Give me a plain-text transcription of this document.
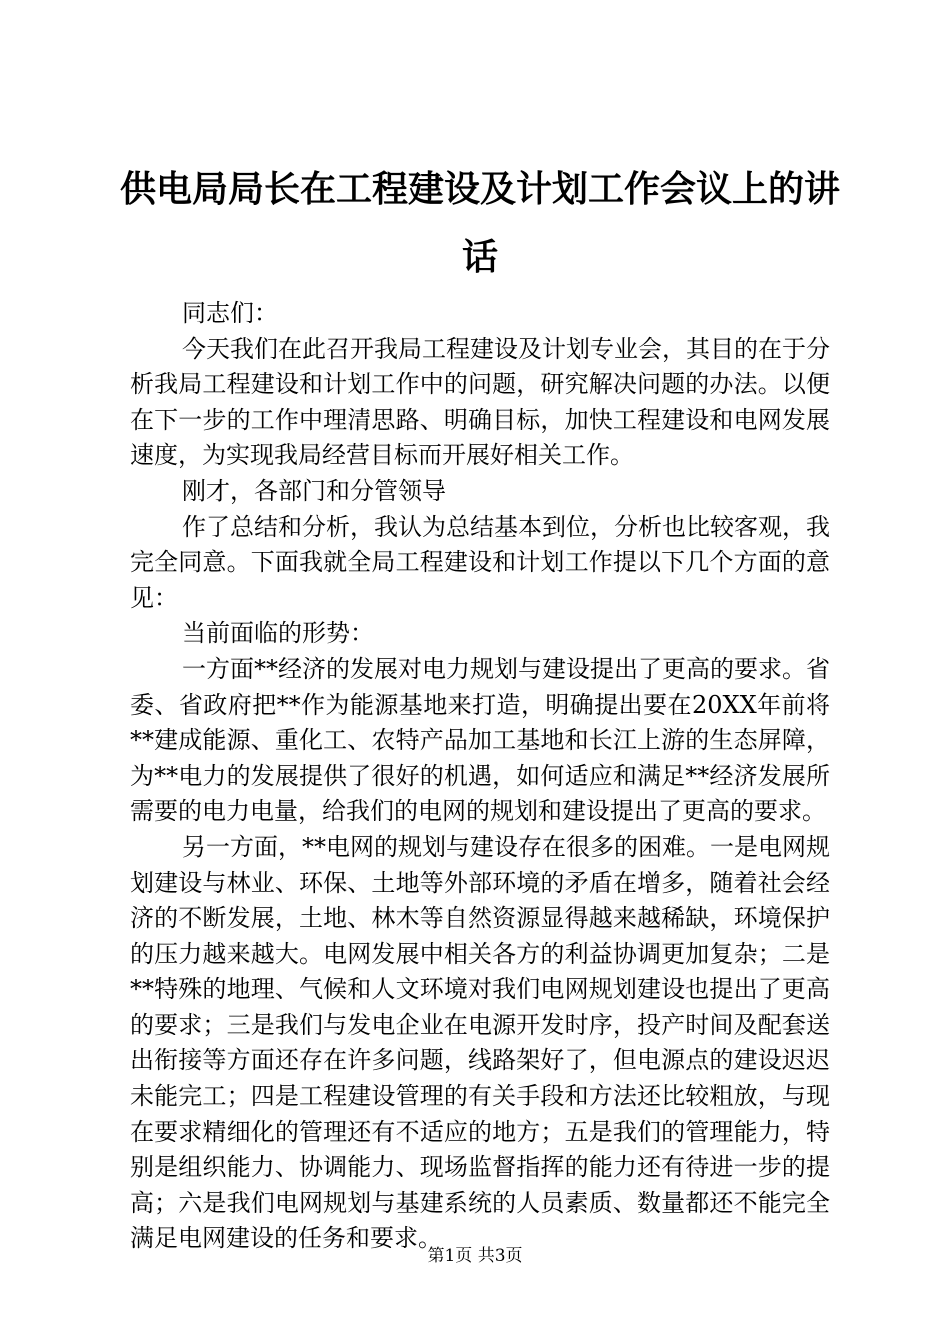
供电局局长在工程建设及计划工作会议上的讲话

同志们：

今天我们在此召开我局工程建设及计划专业会，其目的在于分析我局工程建设和计划工作中的问题，研究解决问题的办法。以便在下一步的工作中理清思路、明确目标，加快工程建设和电网发展速度，为实现我局经营目标而开展好相关工作。

刚才，各部门和分管领导

作了总结和分析，我认为总结基本到位，分析也比较客观，我完全同意。下面我就全局工程建设和计划工作提以下几个方面的意见：

当前面临的形势：

一方面**经济的发展对电力规划与建设提出了更高的要求。省委、省政府把**作为能源基地来打造，明确提出要在20XX年前将**建成能源、重化工、农特产品加工基地和长江上游的生态屏障，为**电力的发展提供了很好的机遇，如何适应和满足**经济发展所需要的电力电量，给我们的电网的规划和建设提出了更高的要求。

另一方面，**电网的规划与建设存在很多的困难。一是电网规划建设与林业、环保、土地等外部环境的矛盾在增多，随着社会经济的不断发展，土地、林木等自然资源显得越来越稀缺，环境保护的压力越来越大。电网发展中相关各方的利益协调更加复杂；二是**特殊的地理、气候和人文环境对我们电网规划建设也提出了更高的要求；三是我们与发电企业在电源开发时序，投产时间及配套送出衔接等方面还存在许多问题，线路架好了，但电源点的建设迟迟未能完工；四是工程建设管理的有关手段和方法还比较粗放，与现在要求精细化的管理还有不适应的地方；五是我们的管理能力，特别是组织能力、协调能力、现场监督指挥的能力还有待进一步的提高；六是我们电网规划与基建系统的人员素质、数量都还不能完全满足电网建设的任务和要求。

第1页 共3页
